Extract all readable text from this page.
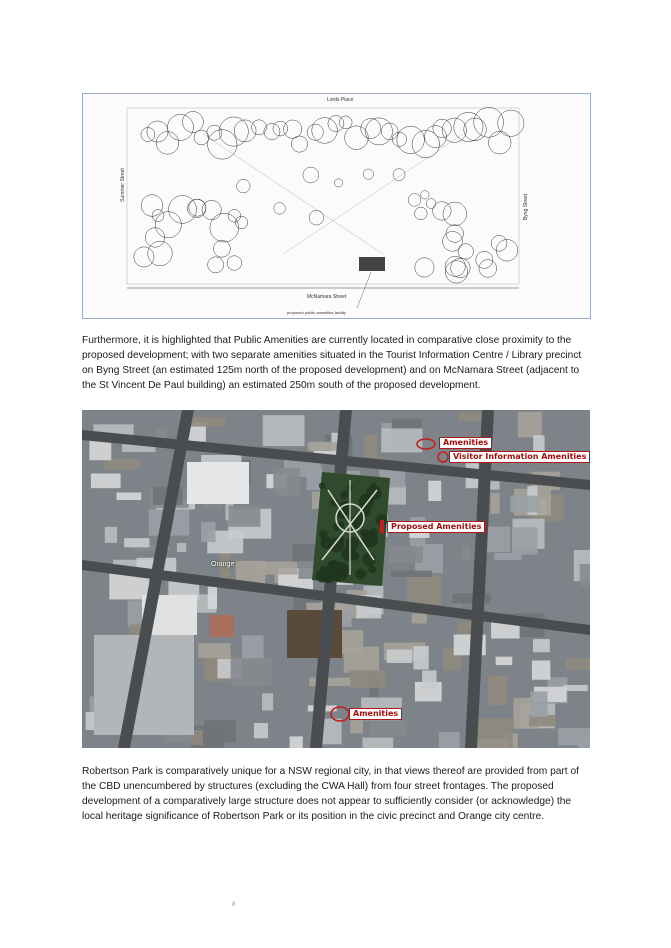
Lords Place
Summer Street
Byng Street
McNamara Street
proposed public amenities facility

Furthermore, it is highlighted that Public Amenities are currently located in comparative close proximity to the proposed development; with two separate amenities situated in the Tourist Information Centre / Library precinct on Byng Street (an estimated 125m north of the proposed development) and on McNamara Street (adjacent to the St Vincent De Paul building) an estimated 250m south of the proposed development.

Amenities
Visitor Information Amenities
Proposed Amenities
Amenities
Orange

Robertson Park is comparatively unique for a NSW regional city, in that views thereof are provided from part of the CBD unencumbered by structures (excluding the CWA Hall) from four street frontages. The proposed development of a comparatively large structure does not appear to sufficiently consider (or acknowledge) the local heritage significance of Robertson Park or its position in the civic precinct and Orange city centre.

8
